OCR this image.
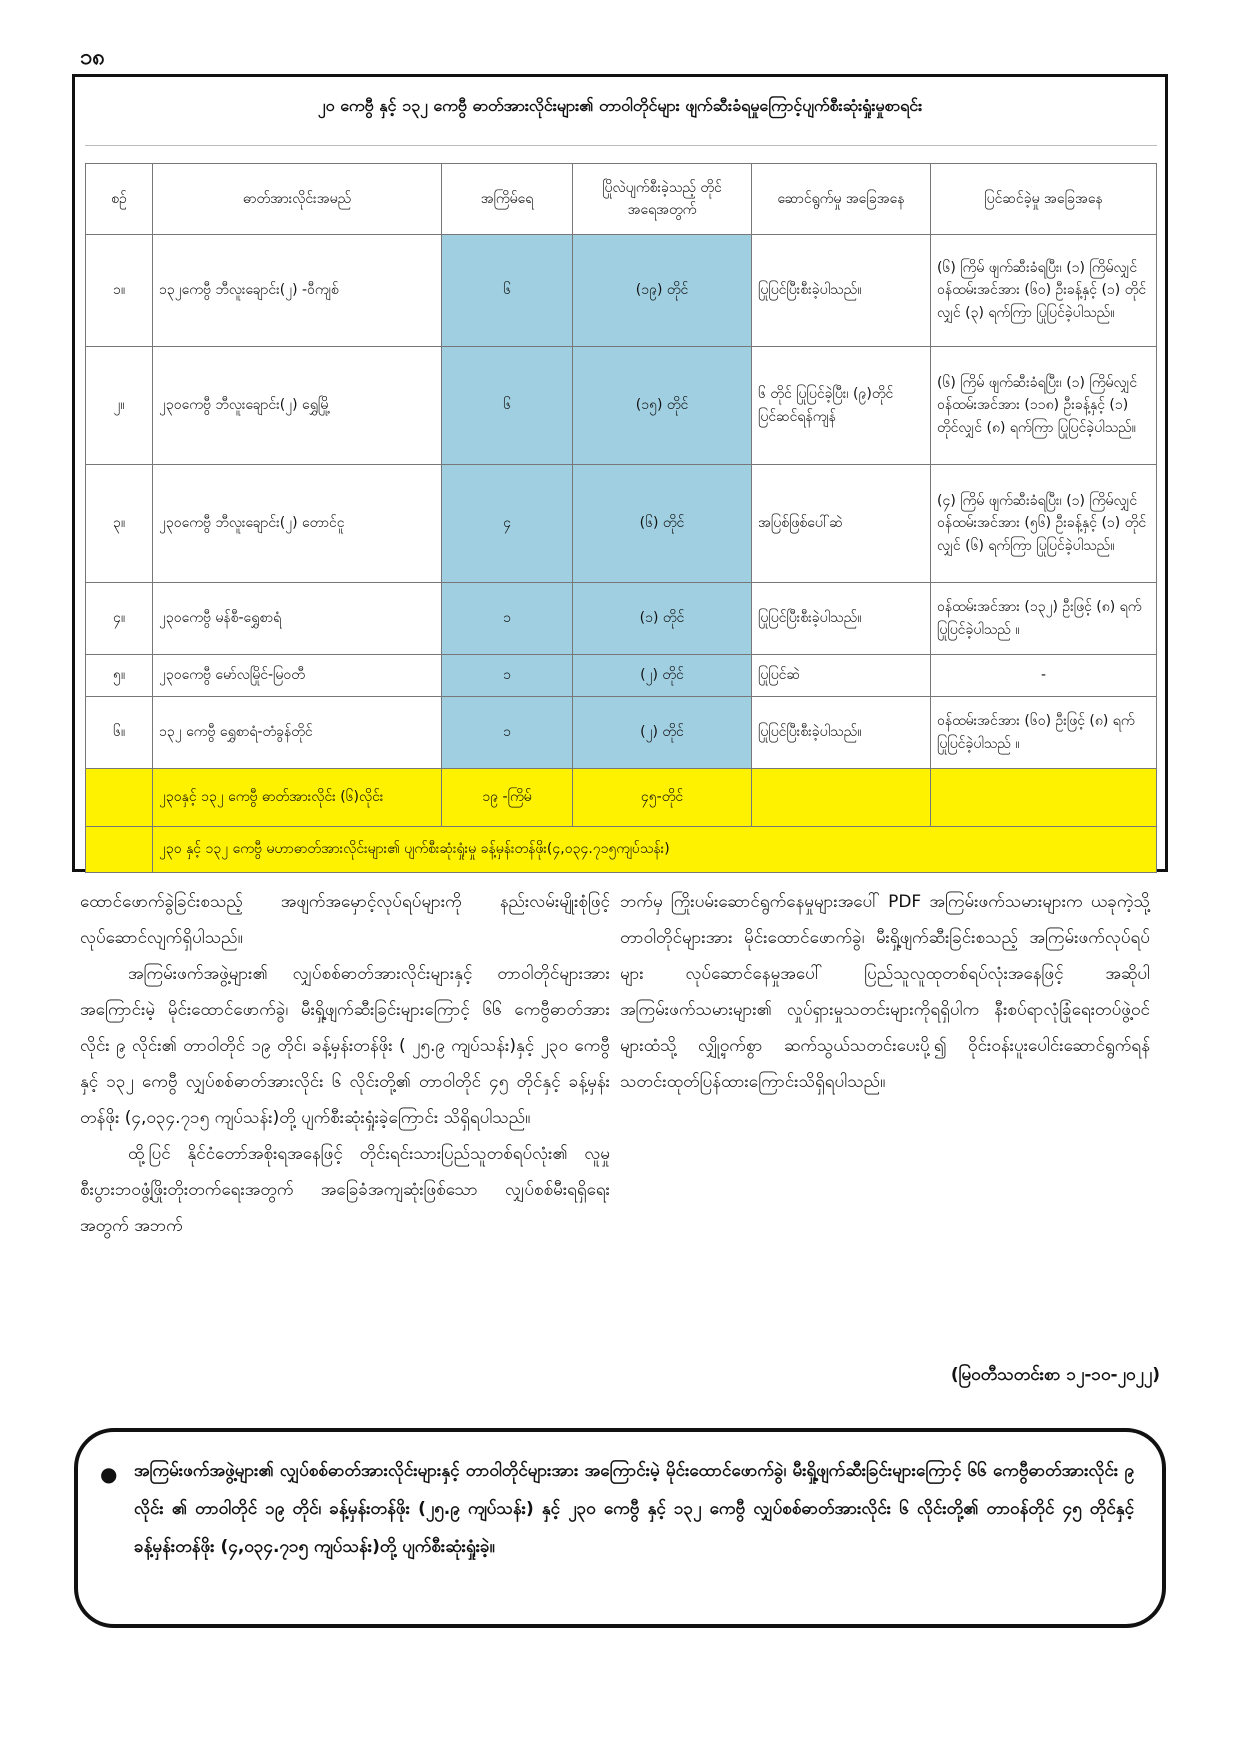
၁၈
၂၀ ကေဗွီ နှင့် ၁၃၂ ကေဗွီ ဓာတ်အားလိုင်းများ၏ တာဝါတိုင်များ ဖျက်ဆီးခံရမှုကြောင့်ပျက်စီးဆုံးရှုံးမှုစာရင်း
စဉ်	ဓာတ်အားလိုင်းအမည်	အကြိမ်ရေ	ပြိုလဲပျက်စီးခဲ့သည့် တိုင်အရေအတွက်	ဆောင်ရွက်မှု အခြေအနေ	ပြင်ဆင်ခဲ့မှု အခြေအနေ
၁။	၁၃၂ကေဗွီ ဘီလူးချောင်း(၂) -ဝီကျစ်	၆	(၁၉) တိုင်	ပြုပြင်ပြီးစီးခဲ့ပါသည်။	(၆) ကြိမ် ဖျက်ဆီးခံရပြီး၊ (၁) ကြိမ်လျှင် ဝန်ထမ်းအင်အား (၆၀) ဦးခန့်နှင့် (၁) တိုင်လျှင် (၃) ရက်ကြာ ပြုပြင်ခဲ့ပါသည်။
၂။	၂၃၀ကေဗွီ ဘီလူးချောင်း(၂) ရွှေမြို့	၆	(၁၅) တိုင်	၆ တိုင် ပြုပြင်ခဲ့ပြီး၊ (၉)တိုင်ပြင်ဆင်ရန်ကျန်	(၆) ကြိမ် ဖျက်ဆီးခံရပြီး၊ (၁) ကြိမ်လျှင် ဝန်ထမ်းအင်အား (၁၁၈) ဦးခန့်နှင့် (၁) တိုင်လျှင် (၈) ရက်ကြာ ပြုပြင်ခဲ့ပါသည်။
၃။	၂၃၀ကေဗွီ ဘီလူးချောင်း(၂) တောင်ငူ	၄	(၆) တိုင်	အပြစ်ဖြစ်ပေါ်ဆဲ	(၄) ကြိမ် ဖျက်ဆီးခံရပြီး၊ (၁) ကြိမ်လျှင် ဝန်ထမ်းအင်အား (၅၆) ဦးခန့်နှင့် (၁) တိုင်လျှင် (၆) ရက်ကြာ ပြုပြင်ခဲ့ပါသည်။
၄။	၂၃၀ကေဗွီ မန်စီ-ရွှေစာရံ	၁	(၁) တိုင်	ပြုပြင်ပြီးစီးခဲ့ပါသည်။	ဝန်ထမ်းအင်အား (၁၃၂) ဦးဖြင့် (၈) ရက် ပြုပြင်ခဲ့ပါသည် ။
၅။	၂၃၀ကေဗွီ မော်လမြိုင်-မြဝတီ	၁	(၂) တိုင်	ပြုပြင်ဆဲ	-
၆။	၁၃၂ ကေဗွီ ရွှေစာရံ-တံခွန်တိုင်	၁	(၂) တိုင်	ပြုပြင်ပြီးစီးခဲ့ပါသည်။	ဝန်ထမ်းအင်အား (၆၀) ဦးဖြင့် (၈) ရက် ပြုပြင်ခဲ့ပါသည် ။
	၂၃၀နှင့် ၁၃၂ ကေဗွီ ဓာတ်အားလိုင်း (၆)လိုင်း	၁၉ -ကြိမ်	၄၅-တိုင်		
	၂၃၀ နှင့် ၁၃၂ ကေဗွီ မဟာဓာတ်အားလိုင်းများ၏ ပျက်စီးဆုံးရှုံးမှု ခန့်မှန်းတန်ဖိုး(၄,၀၃၄.၇၁၅ကျပ်သန်း)				

ထောင်ဖောက်ခွဲခြင်းစသည့် အဖျက်အမှောင့်လုပ်ရပ်များကို နည်းလမ်းမျိုးစုံဖြင့် လုပ်ဆောင်လျက်ရှိပါသည်။

အကြမ်းဖက်အဖွဲ့များ၏ လျှပ်စစ်ဓာတ်အားလိုင်းများနှင့် တာဝါတိုင်များအား အကြောင်းမဲ့ မိုင်းထောင်ဖောက်ခွဲ၊ မီးရှို့ဖျက်ဆီးခြင်းများကြောင့် ၆၆ ကေဗွီဓာတ်အား လိုင်း ၉ လိုင်း၏ တာဝါတိုင် ၁၉ တိုင်၊ ခန့်မှန်းတန်ဖိုး ( ၂၅.၉ ကျပ်သန်း)နှင့် ၂၃၀ ကေဗွီ နှင့် ၁၃၂ ကေဗွီ လျှပ်စစ်ဓာတ်အားလိုင်း ၆ လိုင်းတို့၏ တာဝါတိုင် ၄၅ တိုင်နှင့် ခန့်မှန်းတန်ဖိုး (၄,၀၃၄.၇၁၅ ကျပ်သန်း)တို့ ပျက်စီးဆုံးရှုံးခဲ့ကြောင်း သိရှိရပါသည်။

ထို့ပြင် နိုင်ငံတော်အစိုးရအနေဖြင့် တိုင်းရင်းသားပြည်သူတစ်ရပ်လုံး၏ လူမှုစီးပွားဘဝဖွံ့ဖြိုးတိုးတက်ရေးအတွက် အခြေခံအကျဆုံးဖြစ်သော လျှပ်စစ်မီးရရှိရေးအတွက် အဘက်

ဘက်မှ ကြိုးပမ်းဆောင်ရွက်နေမှုများအပေါ် PDF အကြမ်းဖက်သမားများက ယခုကဲ့သို့ တာဝါတိုင်များအား မိုင်းထောင်ဖောက်ခွဲ၊ မီးရှို့ဖျက်ဆီးခြင်းစသည့် အကြမ်းဖက်လုပ်ရပ်များ လုပ်ဆောင်နေမှုအပေါ် ပြည်သူလူထုတစ်ရပ်လုံးအနေဖြင့် အဆိုပါ အကြမ်းဖက်သမားများ၏ လှုပ်ရှားမှုသတင်းများကိုရရှိပါက နီးစပ်ရာလုံခြုံရေးတပ်ဖွဲ့ဝင်များထံသို့ လျှို့ဝှက်စွာ ဆက်သွယ်သတင်းပေးပို့၍ ဝိုင်းဝန်းပူးပေါင်းဆောင်ရွက်ရန် သတင်းထုတ်ပြန်ထားကြောင်းသိရှိရပါသည်။

(မြဝတီသတင်းစာ ၁၂-၁၀-၂၀၂၂)
● အကြမ်းဖက်အဖွဲ့များ၏ လျှပ်စစ်ဓာတ်အားလိုင်းများနှင့် တာဝါတိုင်များအား အကြောင်းမဲ့ မိုင်းထောင်ဖောက်ခွဲ၊ မီးရှို့ဖျက်ဆီးခြင်းများကြောင့် ၆၆ ကေဗွီဓာတ်အားလိုင်း ၉ လိုင်း ၏ တာဝါတိုင် ၁၉ တိုင်၊ ခန့်မှန်းတန်ဖိုး (၂၅.၉ ကျပ်သန်း) နှင့် ၂၃၀ ကေဗွီ နှင့် ၁၃၂ ကေဗွီ လျှပ်စစ်ဓာတ်အားလိုင်း ၆ လိုင်းတို့၏ တာဝန်တိုင် ၄၅ တိုင်နှင့် ခန့်မှန်းတန်ဖိုး (၄,၀၃၄.၇၁၅ ကျပ်သန်း)တို့ ပျက်စီးဆုံးရှုံးခဲ့။
